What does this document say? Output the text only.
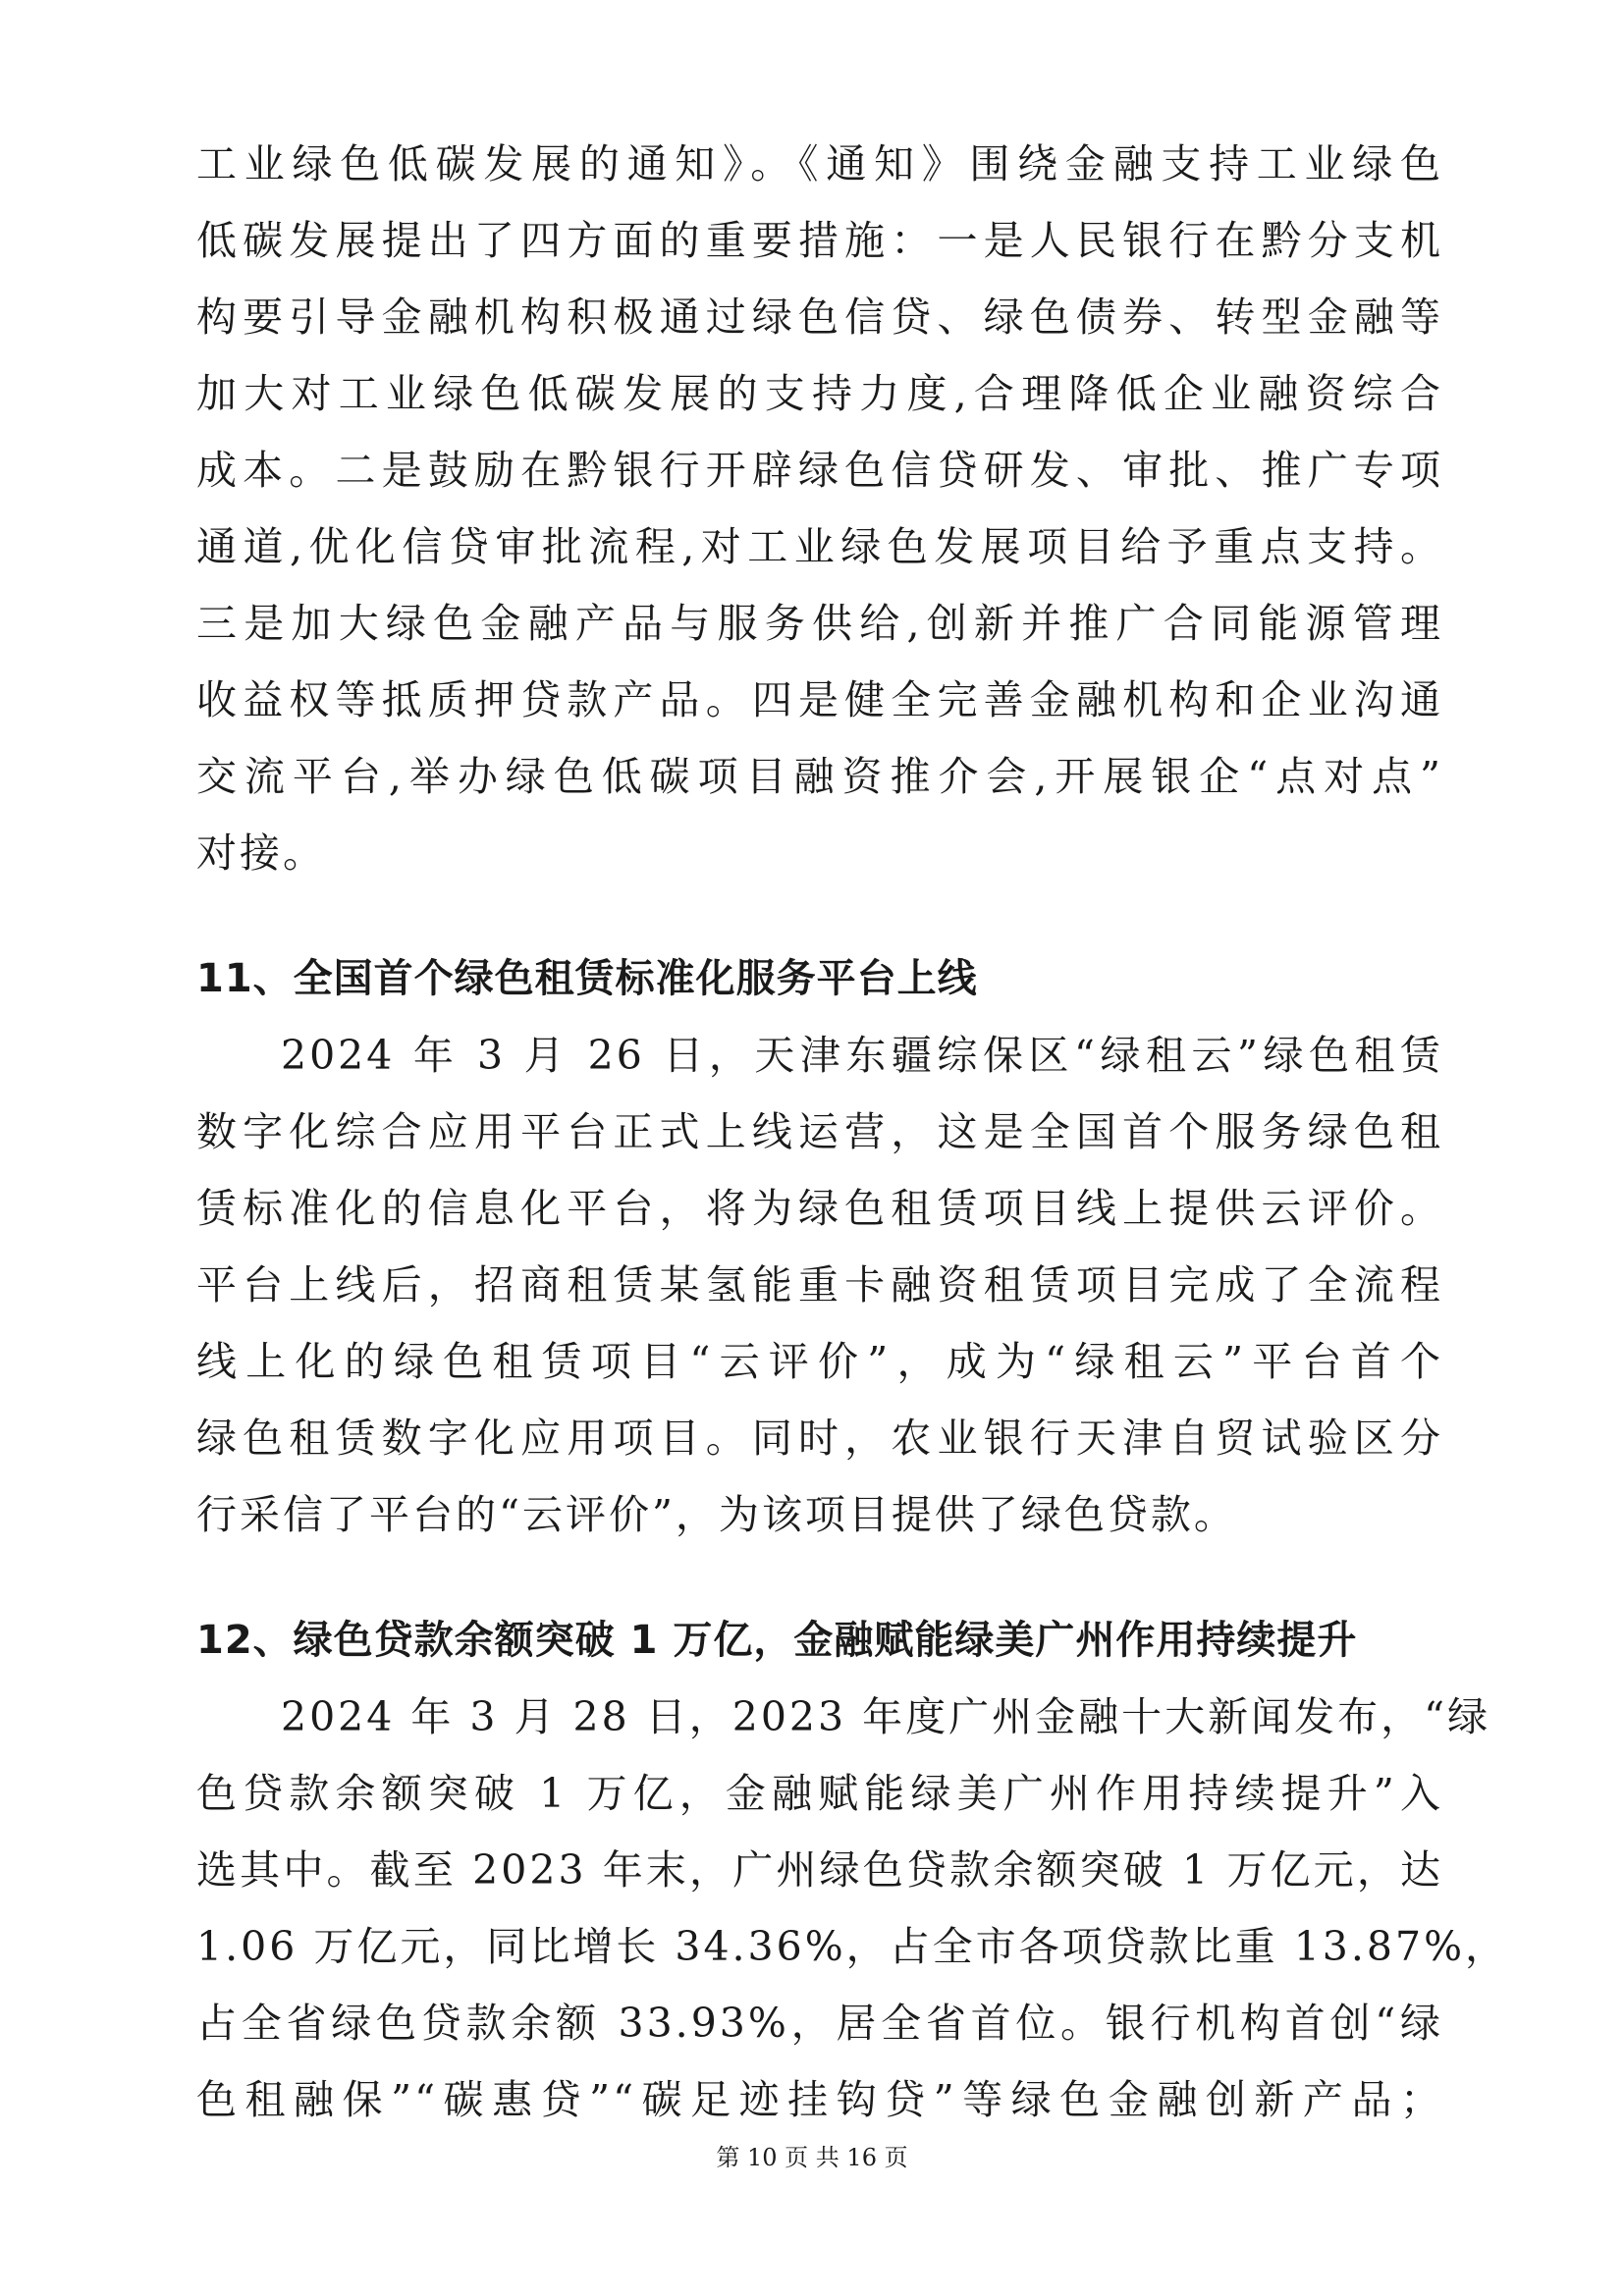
工业绿色低碳发展的通知》。《通知》围绕金融支持工业绿色
低碳发展提出了四方面的重要措施：一是人民银行在黔分支机
构要引导金融机构积极通过绿色信贷、绿色债券、转型金融等
加大对工业绿色低碳发展的支持力度,合理降低企业融资综合
成本。二是鼓励在黔银行开辟绿色信贷研发、审批、推广专项
通道,优化信贷审批流程,对工业绿色发展项目给予重点支持。
三是加大绿色金融产品与服务供给,创新并推广合同能源管理
收益权等抵质押贷款产品。四是健全完善金融机构和企业沟通
交流平台,举办绿色低碳项目融资推介会,开展银企“点对点”
对接。
11、全国首个绿色租赁标准化服务平台上线
2024 年 3 月 26 日，天津东疆综保区“绿租云”绿色租赁
数字化综合应用平台正式上线运营，这是全国首个服务绿色租
赁标准化的信息化平台，将为绿色租赁项目线上提供云评价。
平台上线后，招商租赁某氢能重卡融资租赁项目完成了全流程
线上化的绿色租赁项目“云评价”，成为“绿租云”平台首个
绿色租赁数字化应用项目。同时，农业银行天津自贸试验区分
行采信了平台的“云评价”，为该项目提供了绿色贷款。
12、绿色贷款余额突破 1 万亿，金融赋能绿美广州作用持续提升
2024 年 3 月 28 日，2023 年度广州金融十大新闻发布，“绿
色贷款余额突破 1 万亿，金融赋能绿美广州作用持续提升”入
选其中。截至 2023 年末，广州绿色贷款余额突破 1 万亿元，达
1.06 万亿元，同比增长 34.36%，占全市各项贷款比重 13.87%，
占全省绿色贷款余额 33.93%，居全省首位。银行机构首创“绿
色租融保”“碳惠贷”“碳足迹挂钩贷”等绿色金融创新产品；
第 10 页 共 16 页
